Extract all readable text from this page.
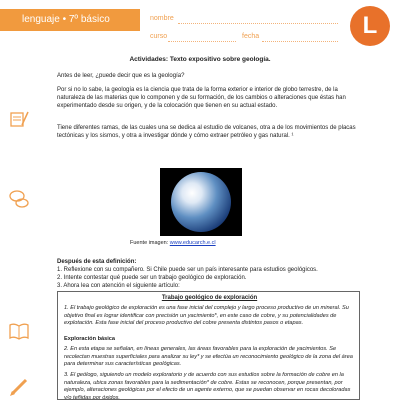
lenguaje • 7º básico	nombre
curso	fecha	L
Actividades: Texto expositivo sobre geología.
Antes de leer, ¿puede decir que es la geología?
Por si no lo sabe, la geología es la ciencia que trata de la forma exterior e interior de globo terrestre, de la naturaleza de las materias que lo componen y de su formación, de los cambios o alteraciones que éstas han experimentado desde su origen, y de la colocación que tienen en su actual estado.
Tiene diferentes ramas, de las cuales una se dedica al estudio de volcanes, otra a de los movimientos de placas tectónicas y los sismos, y otra a investigar dónde y cómo extraer petróleo y gas natural. ¹
Fuente imagen: www.educarch.e.cl
Después de esta definición:
1. Reflexione con su compañero. Si Chile puede ser un país interesante para estudios geológicos.
2. Intente contestar qué puede ser un trabajo geológico de exploración.
3. Ahora lea con atención el siguiente artículo:
Trabajo geológico de exploración
1. El trabajo geológico de exploración es una fase inicial del complejo y largo proceso productivo de un mineral. Su objetivo final es lograr identificar con precisión un yacimiento*, en este caso de cobre, y su potencialidades de explotación. Esta fase inicial del proceso productivo del cobre presenta distintos pasos o etapas.
Exploración básica
2. En esta etapa se señalan, en líneas generales, las áreas favorables para la exploración de yacimientos. Se recolectan muestras superficiales para analizar su ley* y se efectúa un reconocimiento geológico de la zona del área para determinar sus características geológicas.
3. El geólogo, siguiendo un modelo exploratorio y de acuerdo con sus estudios sobre la formación de cobre en la naturaleza, ubica zonas favorables para la sedimentación* de cobre. Estas se reconocen, porque presentan, por ejemplo, alteraciones geológicas por el efecto de un agente externo, que se puedan observar en rocas decoloradas y/o teñidas por óxidos.
